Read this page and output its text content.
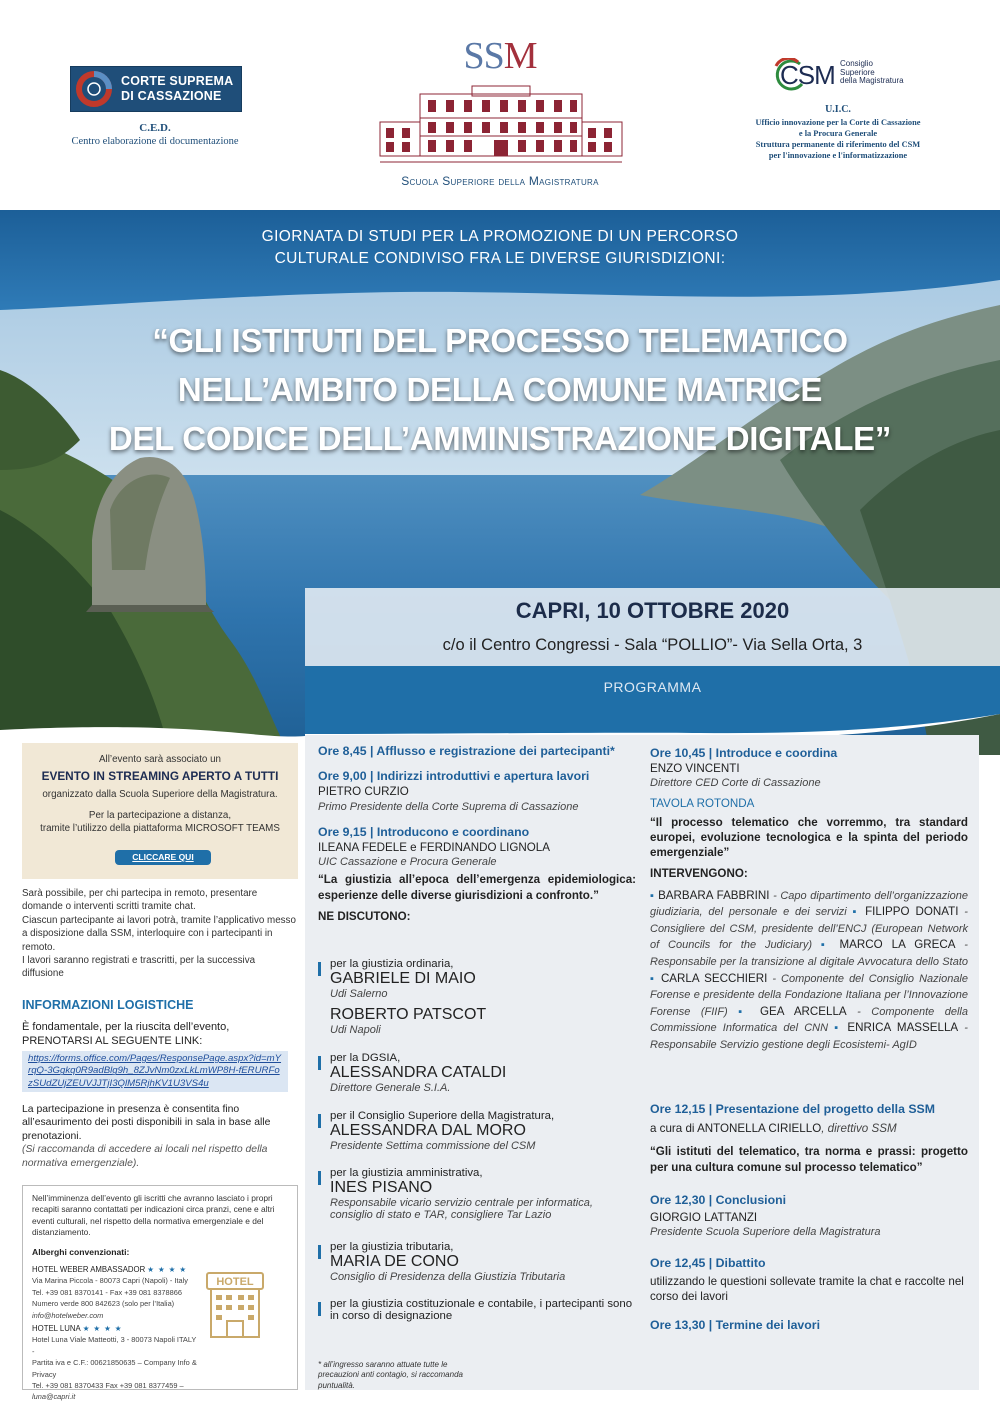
CORTE SUPREMA
DI CASSAZIONE
C.E.D.
Centro elaborazione di documentazione
SSM
Scuola Superiore della Magistratura
CSM Consiglio
Superiore
della Magistratura
U.I.C.
Ufficio innovazione per la Corte di Cassazione
e la Procura Generale
Struttura permanente di riferimento del CSM
per l'innovazione e l'informatizzazione
GIORNATA DI STUDI PER LA PROMOZIONE DI UN PERCORSO
CULTURALE CONDIVISO FRA LE DIVERSE GIURISDIZIONI:
“GLI ISTITUTI DEL PROCESSO TELEMATICO
NELL’AMBITO DELLA COMUNE MATRICE
DEL CODICE DELL’AMMINISTRAZIONE DIGITALE”
CAPRI, 10 OTTOBRE 2020
c/o il Centro Congressi - Sala “POLLIO”- Via Sella Orta, 3
PROGRAMMA

All’evento sarà associato un

EVENTO IN STREAMING APERTO A TUTTI

organizzato dalla Scuola Superiore della Magistratura.

Per la partecipazione a distanza,

tramite l’utilizzo della piattaforma MICROSOFT TEAMS

CLICCARE QUI
Sarà possibile, per chi partecipa in remoto, presentare domande o interventi scritti tramite chat.
Ciascun partecipante ai lavori potrà, tramite l’applicativo messo a disposizione dalla SSM, interloquire con i partecipanti in remoto.
I lavori saranno registrati e trascritti, per la successiva diffusione
INFORMAZIONI LOGISTICHE
È fondamentale, per la riuscita dell’evento, PRENOTARSI AL SEGUENTE LINK:
https://forms.office.com/Pages/ResponsePage.aspx?id=mYrqQ-3Ggkq0R9adBlg9h_8ZJvNm0zxLkLmWP8H-fERURFozSUdZUjZEUVJJTjI3QlM5RjhKV1U3VS4u
La partecipazione in presenza è consentita fino all’esaurimento dei posti disponibili in sala in base alle prenotazioni.
(Si raccomanda di accedere ai locali nel rispetto della normativa emergenziale).
Nell’imminenza dell’evento gli iscritti che avranno lasciato i propri recapiti saranno contattati per indicazioni circa pranzi, cene e altri eventi culturali, nel rispetto della normativa emergenziale e del distanziamento.
Alberghi convenzionati:
HOTEL WEBER AMBASSADOR ★ ★ ★ ★
Via Marina Piccola - 80073 Capri (Napoli) - Italy
Tel. +39 081 8370141 - Fax +39 081 8378866
Numero verde 800 842623 (solo per l’Italia)
info@hotelweber.com
HOTEL LUNA ★ ★ ★ ★
Hotel Luna Viale Matteotti, 3 - 80073 Napoli ITALY -
Partita iva e C.F.: 00621850635 – Company Info & Privacy
Tel. +39 081 8370433 Fax +39 081 8377459 – luna@capri.it
HOTEL
Ore 8,45 | Afflusso e registrazione dei partecipanti*
Ore 9,00 | Indirizzi introduttivi e apertura lavori
PIETRO CURZIO
Primo Presidente della Corte Suprema di Cassazione
Ore 9,15 | Introducono e coordinano
ILEANA FEDELE e FERDINANDO LIGNOLA
UIC Cassazione e Procura Generale
“La giustizia all’epoca dell’emergenza epidemiologica: esperienze delle diverse giurisdizioni a confronto.”
NE DISCUTONO:
per la giustizia ordinaria,
GABRIELE DI MAIO
Udi Salerno
ROBERTO PATSCOT
Udi Napoli
per la DGSIA,
ALESSANDRA CATALDI
Direttore Generale S.I.A.
per il Consiglio Superiore della Magistratura,
ALESSANDRA DAL MORO
Presidente Settima commissione del CSM
per la giustizia amministrativa,
INES PISANO
Responsabile vicario servizio centrale per informatica, consiglio di stato e TAR, consigliere Tar Lazio
per la giustizia tributaria,
MARIA DE CONO
Consiglio di Presidenza della Giustizia Tributaria
per la giustizia costituzionale e contabile, i partecipanti sono in corso di designazione
* all’ingresso saranno attuate tutte le precauzioni anti contagio, si raccomanda puntualità.
Ore 10,45 | Introduce e coordina
ENZO VINCENTI
Direttore CED Corte di Cassazione
TAVOLA ROTONDA
“Il processo telematico che vorremmo, tra standard europei, evoluzione tecnologica e la spinta del periodo emergenziale”
INTERVENGONO:
▪ BARBARA FABBRINI - Capo dipartimento dell’organizzazione giudiziaria, del personale e dei servizi ▪ FILIPPO DONATI - Consigliere del CSM, presidente dell’ENCJ (European Network of Councils for the Judiciary) ▪ MARCO LA GRECA - Responsabile per la transizione al digitale Avvocatura dello Stato ▪ CARLA SECCHIERI - Componente del Consiglio Nazionale Forense e presidente della Fondazione Italiana per l’Innovazione Forense (FIIF) ▪ GEA ARCELLA - Componente della Commissione Informatica del CNN ▪ ENRICA MASSELLA - Responsabile Servizio gestione degli Ecosistemi- AgID
Ore 12,15 | Presentazione del progetto della SSM
a cura di ANTONELLA CIRIELLO, direttivo SSM
“Gli istituti del telematico, tra norma e prassi: progetto per una cultura comune sul processo telematico”
Ore 12,30 | Conclusioni
GIORGIO LATTANZI
Presidente Scuola Superiore della Magistratura
Ore 12,45 | Dibattito
utilizzando le questioni sollevate tramite la chat e raccolte nel corso dei lavori
Ore 13,30 | Termine dei lavori
